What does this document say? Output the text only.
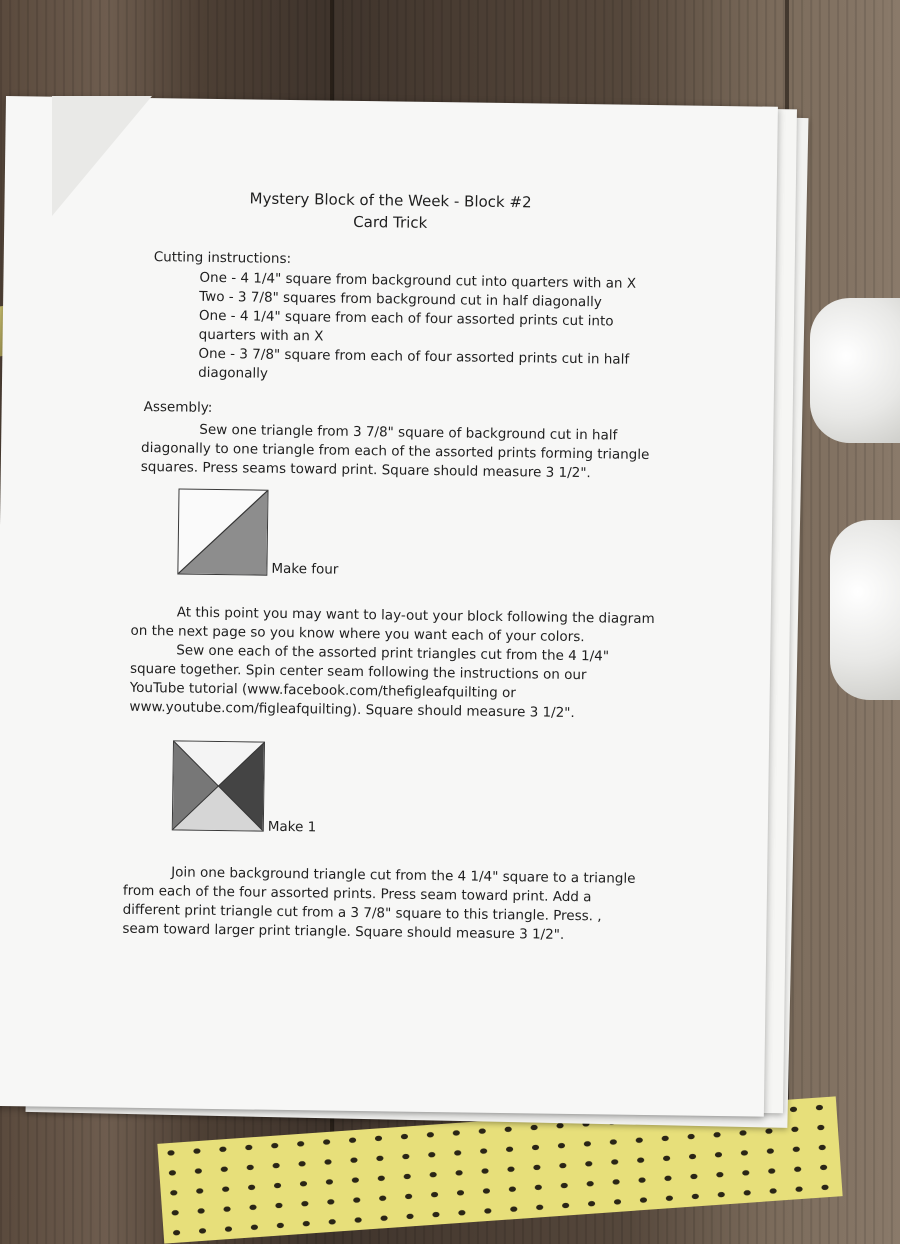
Mystery Block of the Week - Block #2
Card Trick
Cutting instructions:
One - 4 1/4" square from background cut into quarters with an X
Two - 3 7/8" squares from background cut in half diagonally
One - 4 1/4" square from each of four assorted prints cut into
quarters with an X
One - 3 7/8" square from each of four assorted prints cut in half
diagonally
Assembly:
Sew one triangle from 3 7/8" square of background cut in half
diagonally to one triangle from each of the assorted prints forming triangle
squares. Press seams toward print. Square should measure 3 1/2".
Make four
At this point you may want to lay-out your block following the diagram
on the next page so you know where you want each of your colors.
Sew one each of the assorted print triangles cut from the 4 1/4"
square together. Spin center seam following the instructions on our
YouTube tutorial (www.facebook.com/thefigleafquilting or
www.youtube.com/figleafquilting). Square should measure 3 1/2".
Make 1
Join one background triangle cut from the 4 1/4" square to a triangle
from each of the four assorted prints. Press seam toward print. Add a
different print triangle cut from a 3 7/8" square to this triangle. Press. ,
seam toward larger print triangle. Square should measure 3 1/2".
